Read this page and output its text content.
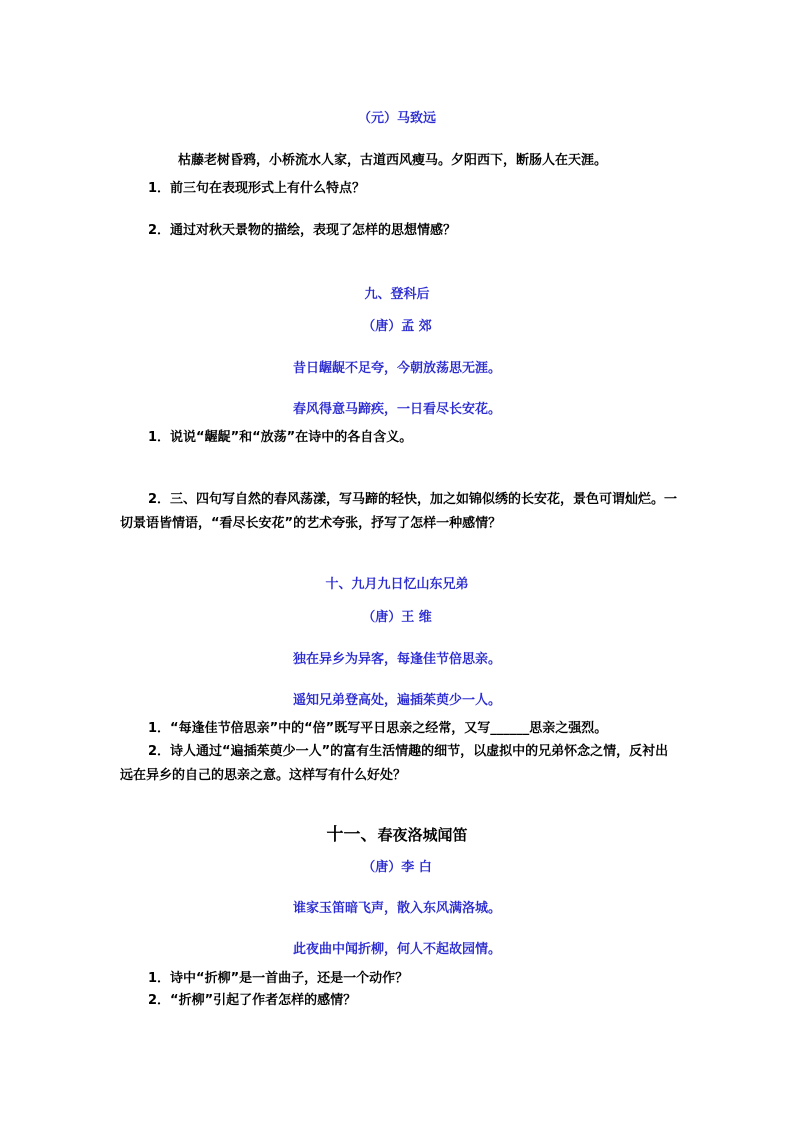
（元）马致远
枯藤老树昏鸦，小桥流水人家，古道西风瘦马。夕阳西下，断肠人在天涯。
1．前三句在表现形式上有什么特点？
2．通过对秋天景物的描绘，表现了怎样的思想情感？
九、登科后
（唐）孟 郊
昔日龌龊不足夸，今朝放荡思无涯。
春风得意马蹄疾，一日看尽长安花。
1．说说“龌龊”和“放荡”在诗中的各自含义。
2．三、四句写自然的春风荡漾，写马蹄的轻快，加之如锦似绣的长安花，景色可谓灿烂。一切景语皆情语，“看尽长安花”的艺术夸张，抒写了怎样一种感情？
十、九月九日忆山东兄弟
（唐）王 维
独在异乡为异客，每逢佳节倍思亲。
遥知兄弟登高处，遍插茱萸少一人。
1．“每逢佳节倍思亲”中的“倍”既写平日思亲之经常，又写______思亲之强烈。
2．诗人通过“遍插茱萸少一人”的富有生活情趣的细节，以虚拟中的兄弟怀念之情，反衬出远在异乡的自己的思亲之意。这样写有什么好处？
十一、春夜洛城闻笛
（唐）李 白
谁家玉笛暗飞声，散入东风满洛城。
此夜曲中闻折柳，何人不起故园情。
1．诗中“折柳”是一首曲子，还是一个动作？
2．“折柳”引起了作者怎样的感情？
